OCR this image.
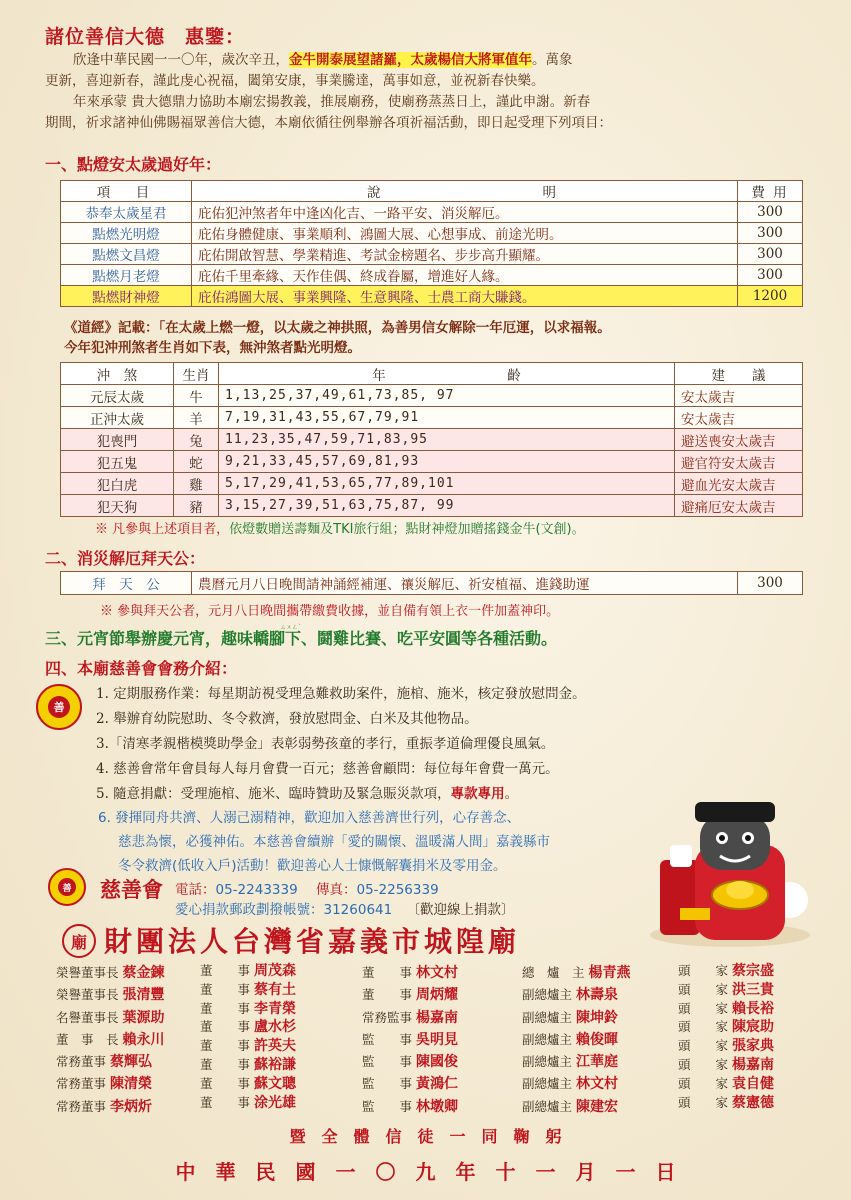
諸位善信大德　惠鑒：
欣逢中華民國一一〇年，歲次辛丑，金牛開泰展望諸羅，太歲楊信大將軍值年。萬象
更新，喜迎新春，謹此虔心祝福，闔第安康，事業騰達，萬事如意，並祝新春快樂。
年來承蒙 貴大德鼎力協助本廟宏揚教義，推展廟務，使廟務蒸蒸日上，謹此申謝。新春
期間，祈求諸神仙佛賜福眾善信大德，本廟依循往例舉辦各項祈福活動，即日起受理下列項目：
一、點燈安太歲過好年：
項　目	說　　　　　　　　明	費 用
恭奉太歲星君	庇佑犯沖煞者年中逢凶化吉、一路平安、消災解厄。	300
點燃光明燈	庇佑身體健康、事業順利、鴻圖大展、心想事成、前途光明。	300
點燃文昌燈	庇佑開啟智慧、學業精進、考試金榜題名、步步高升顯耀。	300
點燃月老燈	庇佑千里牽緣、天作佳偶、終成眷屬，增進好人緣。	300
點燃財神燈	庇佑鴻圖大展、事業興隆、生意興隆、士農工商大賺錢。	1200
《道經》記載：「在太歲上燃一燈，以太歲之神拱照，為善男信女解除一年厄運，以求福報。
今年犯沖刑煞者生肖如下表，無沖煞者點光明燈。
沖　煞	生肖	年　　　　　　　　　齡	建　　議
元辰太歲	牛	1,13,25,37,49,61,73,85, 97	安太歲吉
正沖太歲	羊	7,19,31,43,55,67,79,91	安太歲吉
犯喪門	兔	11,23,35,47,59,71,83,95	避送喪安太歲吉
犯五鬼	蛇	9,21,33,45,57,69,81,93	避官符安太歲吉
犯白虎	雞	5,17,29,41,53,65,77,89,101	避血光安太歲吉
犯天狗	豬	3,15,27,39,51,63,75,87, 99	避痛厄安太歲吉
※ 凡參與上述項目者，依燈數贈送壽麵及TKI旅行組；點財神燈加贈搖錢金牛(文創)。
二、消災解厄拜天公：
拜　天　公	農曆元月八日晚間請神誦經補運、禳災解厄、祈安植福、進錢助運	300
※ 參與拜天公者，元月八日晚間攜帶繳費收據，並自備有領上衣一件加蓋神印。
三、元宵節舉辦慶元宵，趣味轎腳下、鬪雞比賽、吃平安圓等各種活動。
ㄙㄨㄥˋ
四、本廟慈善會會務介紹：
善
1. 定期服務作業：每星期訪視受理急難救助案件，施棺、施米，核定發放慰問金。
2. 舉辦育幼院慰助、冬令救濟，發放慰問金、白米及其他物品。
3.「清寒孝親楷模獎助學金」表彰弱勢孩童的孝行，重振孝道倫理優良風氣。
4. 慈善會常年會員每人每月會費一百元；慈善會顧問：每位每年會費一萬元。
5. 隨意捐獻：受理施棺、施米、臨時贊助及緊急賑災款項，專款專用。
6. 發揮同舟共濟、人溺己溺精神，歡迎加入慈善濟世行列，心存善念、
慈悲為懷，必獲神佑。本慈善會續辦「愛的關懷、溫暖滿人間」嘉義縣市
冬令救濟(低收入戶)活動！歡迎善心人士慷慨解囊捐米及零用金。
善 慈善會 電話：05-2243339 傳真：05-2256339
愛心捐款郵政劃撥帳號：31260641 〔歡迎線上捐款〕
廟 財團法人台灣省嘉義市城隍廟
榮譽董事長 蔡金鍊
榮譽董事長 張清豐
名譽董事長 葉源助
董　事　長 賴永川
常務董事 蔡輝弘
常務董事 陳清榮
常務董事 李炳炘
董　　事 周茂森
董　　事 蔡有土
董　　事 李青榮
董　　事 盧水杉
董　　事 許英夫
董　　事 蘇裕謙
董　　事 蘇文聰
董　　事 涂光雄
董　　事 林文村
董　　事 周炳耀
常務監事 楊嘉南
監　　事 吳明見
監　　事 陳國俊
監　　事 黃鴻仁
監　　事 林墩卿
總　爐　主 楊青燕
副總爐主 林壽泉
副總爐主 陳坤鈴
副總爐主 賴俊暉
副總爐主 江華庭
副總爐主 林文村
副總爐主 陳建宏
頭　　家 蔡宗盛
頭　　家 洪三貴
頭　　家 賴長裕
頭　　家 陳宸助
頭　　家 張家典
頭　　家 楊嘉南
頭　　家 袁自健
頭　　家 蔡憲德
暨　全　體　信　徒　一　同　鞠　躬
中　華　民　國　一　〇　九　年　十　一　月　一　日
